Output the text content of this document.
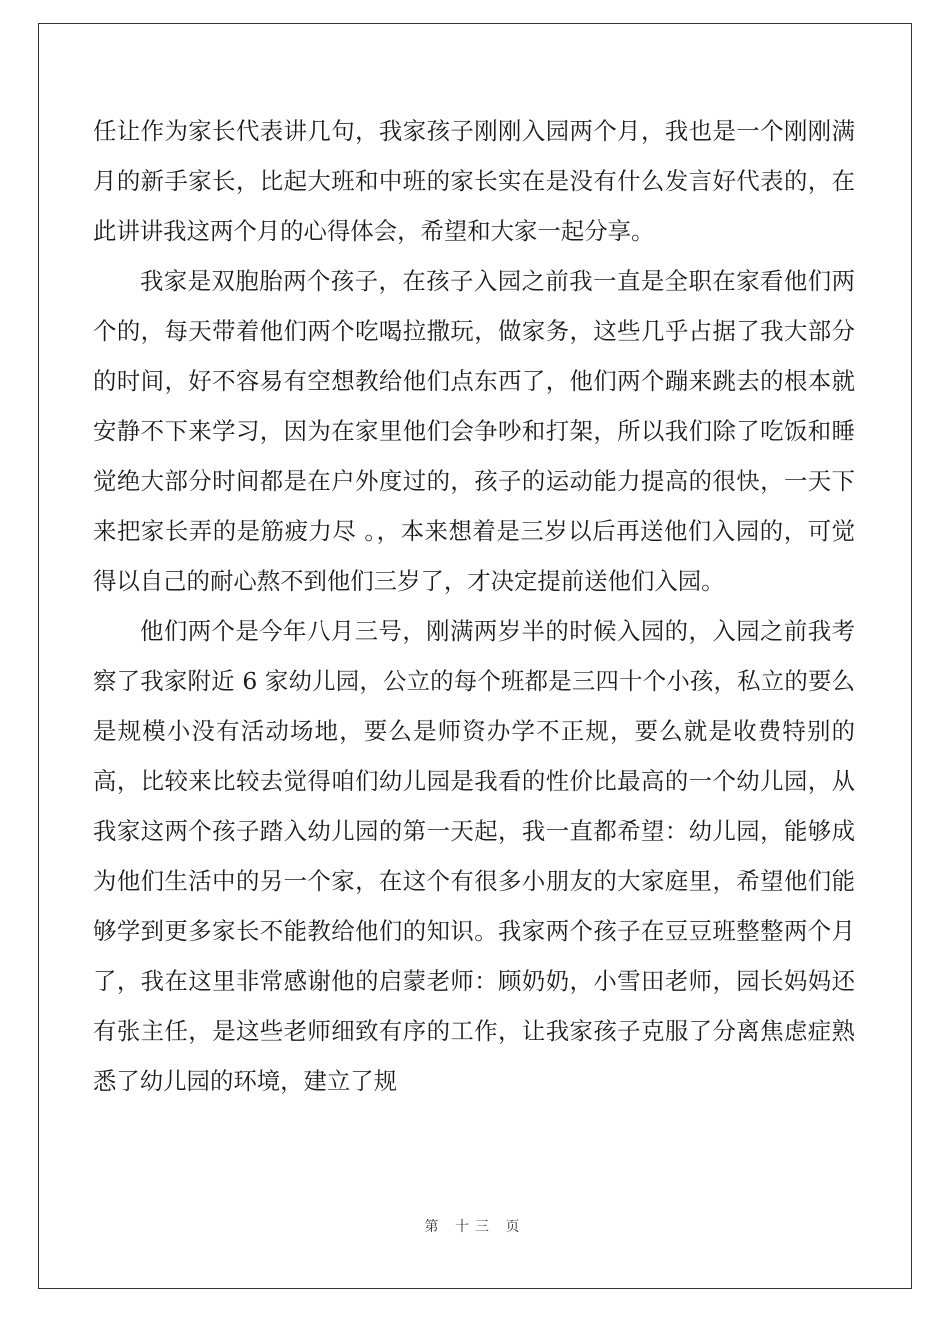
任让作为家长代表讲几句，我家孩子刚刚入园两个月，我也是一个刚刚满月的新手家长，比起大班和中班的家长实在是没有什么发言好代表的，在此讲讲我这两个月的心得体会，希望和大家一起分享。

我家是双胞胎两个孩子，在孩子入园之前我一直是全职在家看他们两个的，每天带着他们两个吃喝拉撒玩，做家务，这些几乎占据了我大部分的时间，好不容易有空想教给他们点东西了，他们两个蹦来跳去的根本就安静不下来学习，因为在家里他们会争吵和打架，所以我们除了吃饭和睡觉绝大部分时间都是在户外度过的，孩子的运动能力提高的很快，一天下来把家长弄的是筋疲力尽 。，本来想着是三岁以后再送他们入园的，可觉得以自己的耐心熬不到他们三岁了，才决定提前送他们入园。

他们两个是今年八月三号，刚满两岁半的时候入园的，入园之前我考察了我家附近 6 家幼儿园，公立的每个班都是三四十个小孩，私立的要么是规模小没有活动场地，要么是师资办学不正规，要么就是收费特别的高，比较来比较去觉得咱们幼儿园是我看的性价比最高的一个幼儿园，从我家这两个孩子踏入幼儿园的第一天起，我一直都希望：幼儿园，能够成为他们生活中的另一个家，在这个有很多小朋友的大家庭里，希望他们能够学到更多家长不能教给他们的知识。我家两个孩子在豆豆班整整两个月了，我在这里非常感谢他的启蒙老师：顾奶奶，小雪田老师，园长妈妈还有张主任，是这些老师细致有序的工作，让我家孩子克服了分离焦虑症熟悉了幼儿园的环境，建立了规

第 十三 页
